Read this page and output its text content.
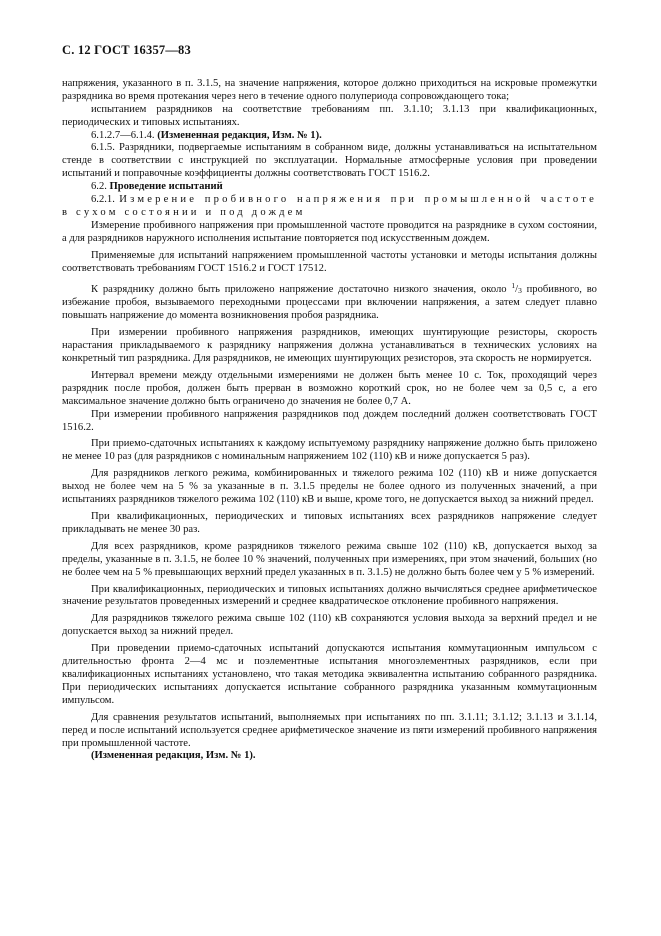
С. 12 ГОСТ 16357—83

напряжения, указанного в п. 3.1.5, на значение напряжения, которое должно приходиться на искровые промежутки разрядника во время протекания через него в течение одного полупериода сопровождающего тока;

испытанием разрядников на соответствие требованиям пп. 3.1.10; 3.1.13 при квалификационных, периодических и типовых испытаниях.

6.1.2.7—6.1.4. (Измененная редакция, Изм. № 1).

6.1.5. Разрядники, подвергаемые испытаниям в собранном виде, должны устанавливаться на испытательном стенде в соответствии с инструкцией по эксплуатации. Нормальные атмосферные условия при проведении испытаний и поправочные коэффициенты должны соответствовать ГОСТ 1516.2.

6.2. Проведение испытаний

6.2.1. Измерение пробивного напряжения при промышленной частоте в сухом состоянии и под дождем

Измерение пробивного напряжения при промышленной частоте проводится на разряднике в сухом состоянии, а для разрядников наружного исполнения испытание повторяется под искусственным дождем.

Применяемые для испытаний напряжением промышленной частоты установки и методы испытания должны соответствовать требованиям ГОСТ 1516.2 и ГОСТ 17512.

К разряднику должно быть приложено напряжение достаточно низкого значения, около $^1/_3$ пробивного, во избежание пробоя, вызываемого переходными процессами при включении напряжения, а затем следует плавно повышать напряжение до момента возникновения пробоя разрядника.

При измерении пробивного напряжения разрядников, имеющих шунтирующие резисторы, скорость нарастания прикладываемого к разряднику напряжения должна устанавливаться в технических условиях на конкретный тип разрядника. Для разрядников, не имеющих шунтирующих резисторов, эта скорость не нормируется.

Интервал времени между отдельными измерениями не должен быть менее 10 с. Ток, проходящий через разрядник после пробоя, должен быть прерван в возможно короткий срок, но не более чем за 0,5 с, а его максимальное значение должно быть ограничено до значения не более 0,7 А.

При измерении пробивного напряжения разрядников под дождем последний должен соответствовать ГОСТ 1516.2.

При приемо-сдаточных испытаниях к каждому испытуемому разряднику напряжение должно быть приложено не менее 10 раз (для разрядников с номинальным напряжением 102 (110) кВ и ниже допускается 5 раз).

Для разрядников легкого режима, комбинированных и тяжелого режима 102 (110) кВ и ниже допускается выход не более чем на 5 % за указанные в п. 3.1.5 пределы не более одного из полученных значений, а при испытаниях разрядников тяжелого режима 102 (110) кВ и выше, кроме того, не допускается выход за нижний предел.

При квалификационных, периодических и типовых испытаниях всех разрядников напряжение следует прикладывать не менее 30 раз.

Для всех разрядников, кроме разрядников тяжелого режима свыше 102 (110) кВ, допускается выход за пределы, указанные в п. 3.1.5, не более 10 % значений, полученных при измерениях, при этом значений, больших (но не более чем на 5 % превышающих верхний предел указанных в п. 3.1.5) не должно быть более чем у 5 % измерений.

При квалификационных, периодических и типовых испытаниях должно вычисляться среднее арифметическое значение результатов проведенных измерений и среднее квадратическое отклонение пробивного напряжения.

Для разрядников тяжелого режима свыше 102 (110) кВ сохраняются условия выхода за верхний предел и не допускается выход за нижний предел.

При проведении приемо-сдаточных испытаний допускаются испытания коммутационным импульсом с длительностью фронта 2—4 мс и поэлементные испытания многоэлементных разрядников, если при квалификационных испытаниях установлено, что такая методика эквивалентна испытанию собранного разрядника. При периодических испытаниях допускается испытание собранного разрядника указанным коммутационным импульсом.

Для сравнения результатов испытаний, выполняемых при испытаниях по пп. 3.1.11; 3.1.12; 3.1.13 и 3.1.14, перед и после испытаний используется среднее арифметическое значение из пяти измерений пробивного напряжения при промышленной частоте.

(Измененная редакция, Изм. № 1).
